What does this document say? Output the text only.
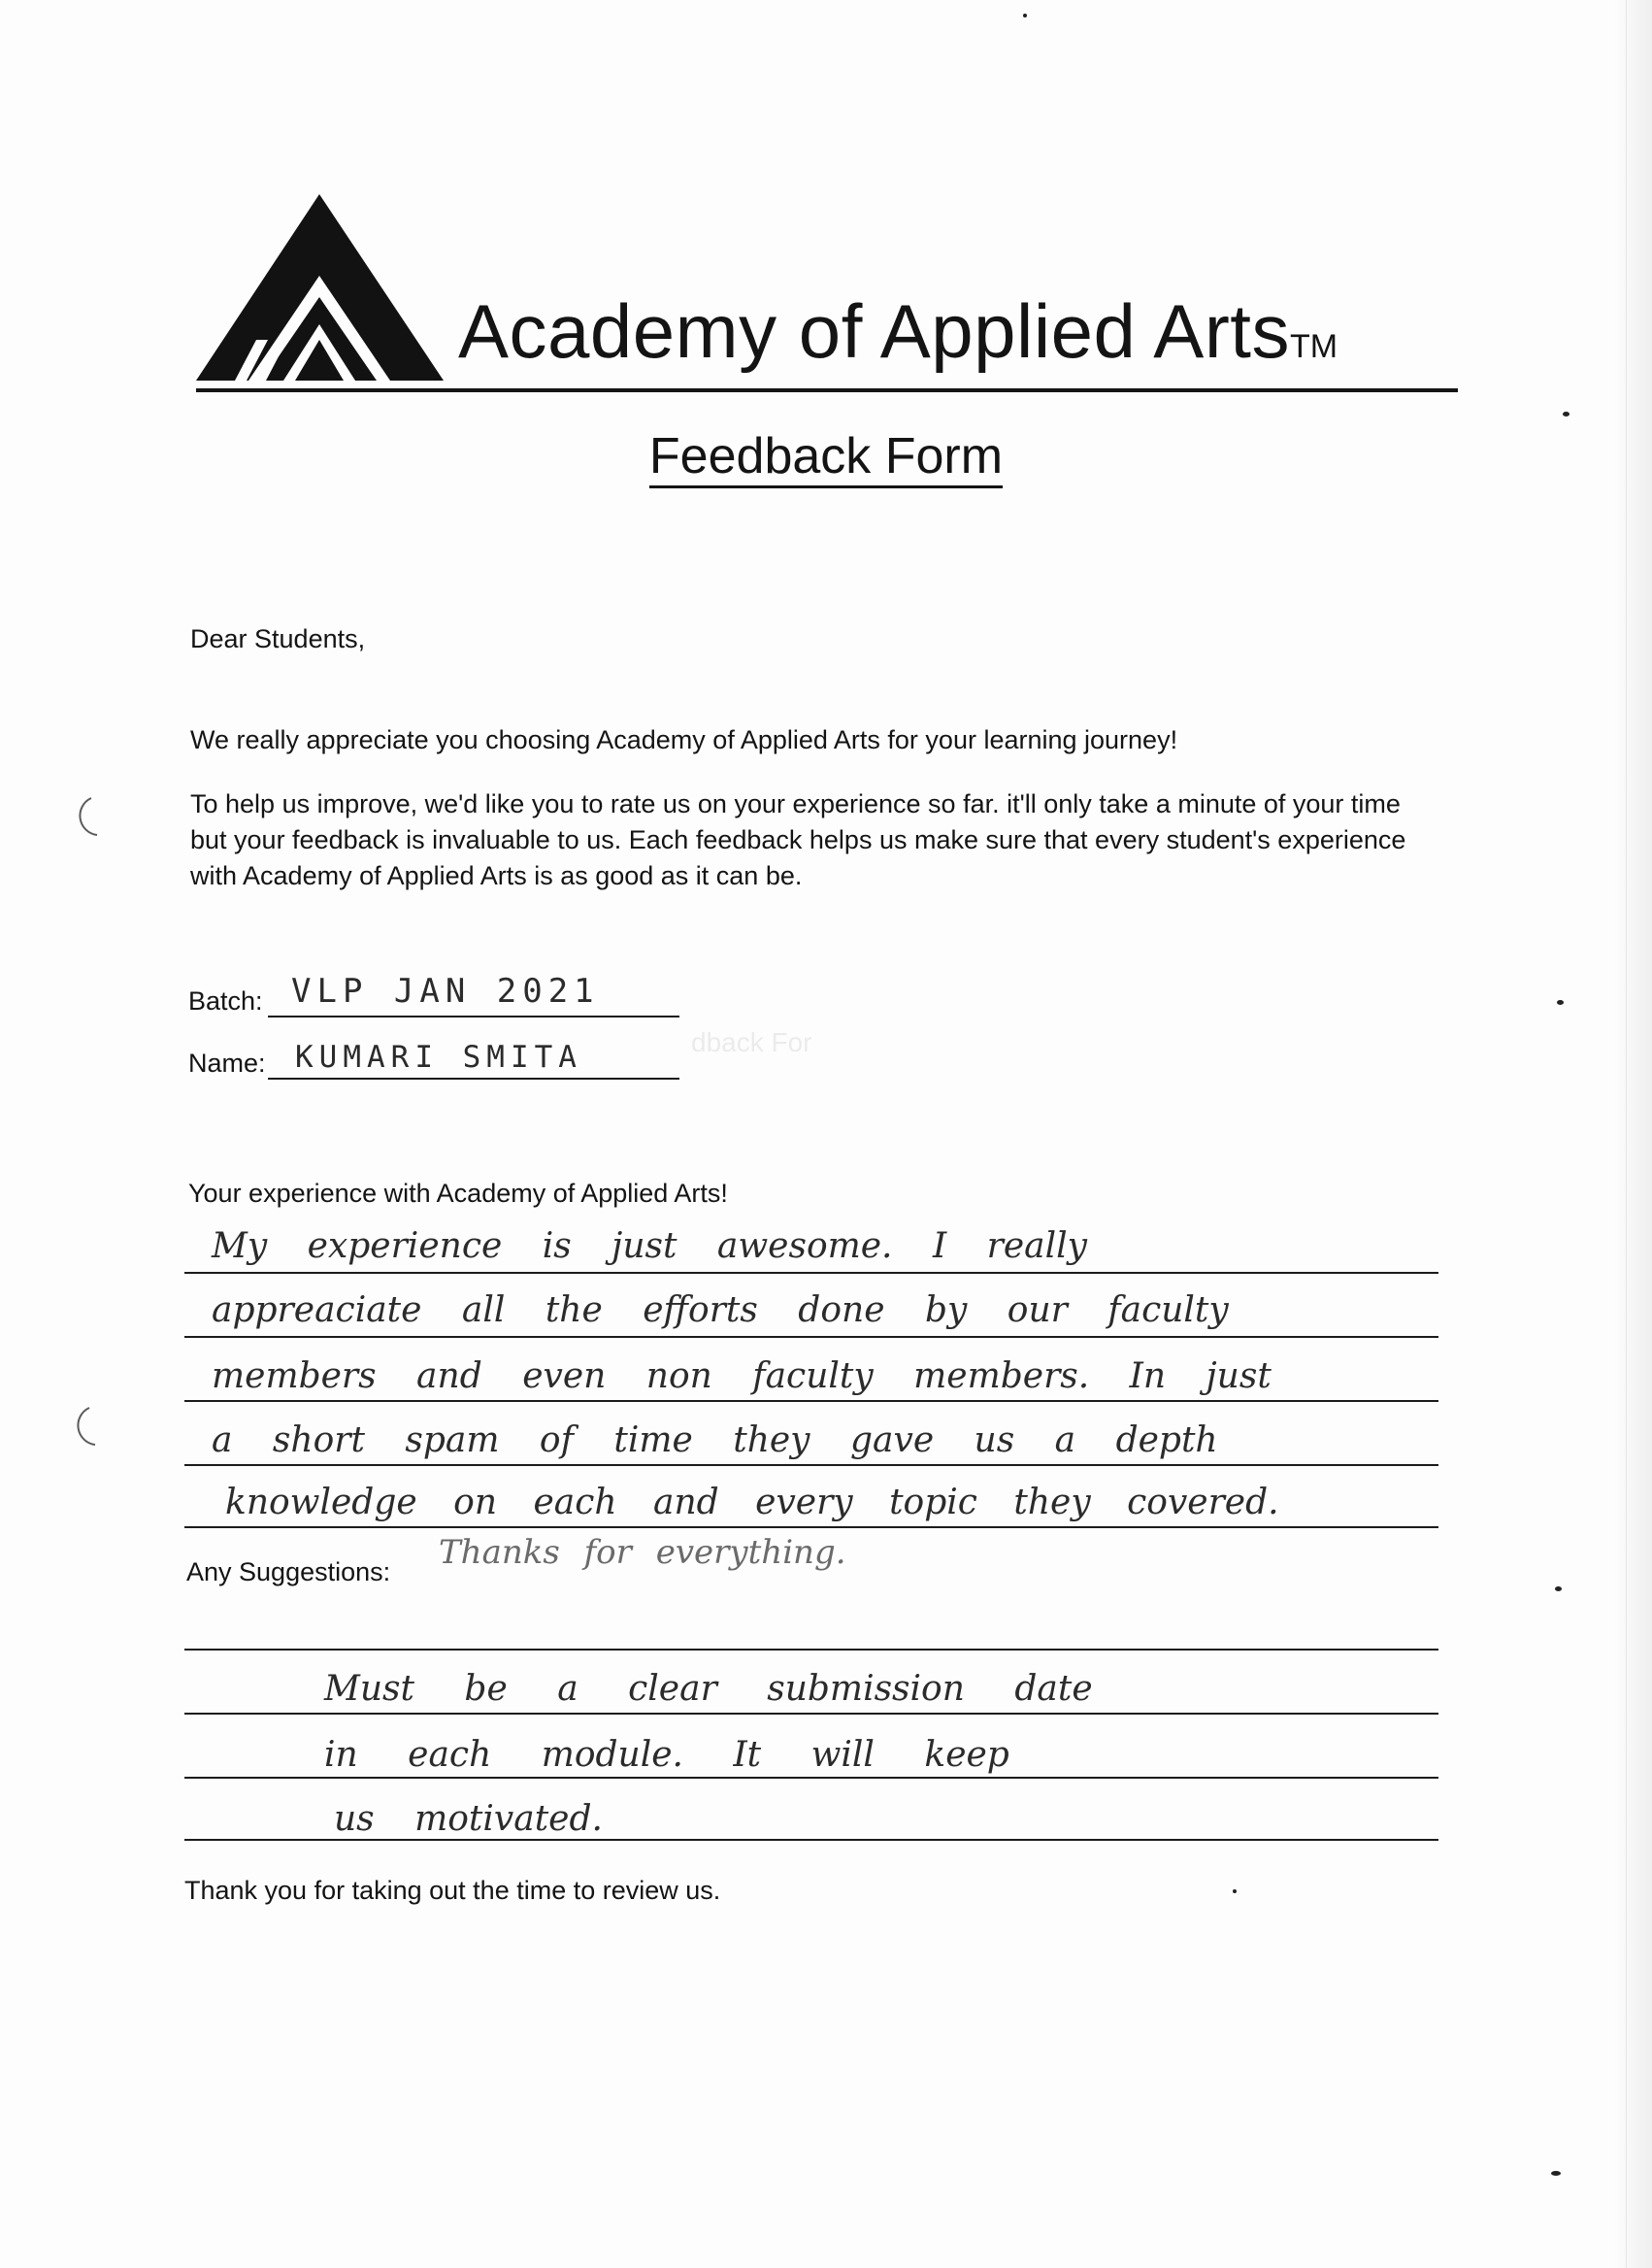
Academy of Applied ArtsTM
Feedback Form
Dear Students,
We really appreciate you choosing Academy of Applied Arts for your learning journey!
To help us improve, we'd like you to rate us on your experience so far. it'll only take a minute of your time but your feedback is invaluable to us. Each feedback helps us make sure that every student's experience with Academy of Applied Arts is as good as it can be.
Batch: VLP JAN 2021
Name: KUMARI SMITA	dback For
Your experience with Academy of Applied Arts!
My experience is just awesome. I really
appreaciate all the efforts done by our faculty
members and even non faculty members. In just
a short spam of time they gave us a depth
knowledge on each and every topic they covered.
Any Suggestions: Thanks for everything.
Must be a clear submission date
in each module. It will keep
us motivated.
Thank you for taking out the time to review us.
